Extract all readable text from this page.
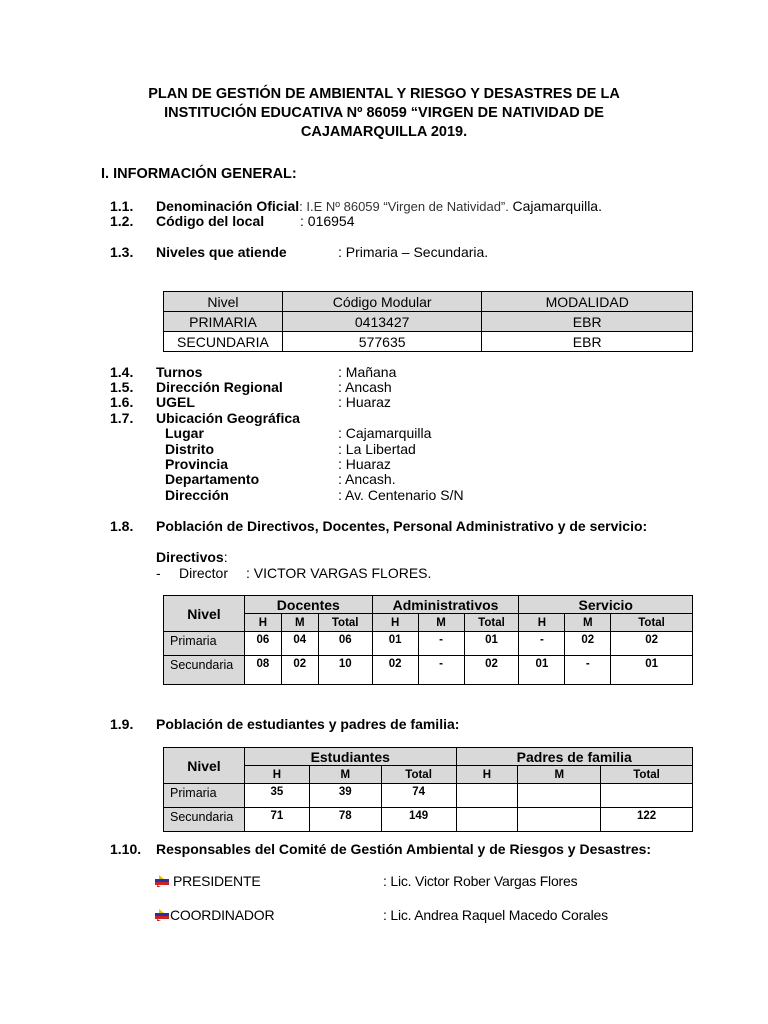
PLAN DE GESTIÓN DE AMBIENTAL Y RIESGO Y DESASTRES DE LA
INSTITUCIÓN EDUCATIVA Nº 86059 “VIRGEN DE NATIVIDAD DE
CAJAMARQUILLA 2019.
I. INFORMACIÓN GENERAL:
1.1. Denominación Oficial: I.E Nº 86059 “Virgen de Natividad”. Cajamarquilla.
1.2. Código del local	: 016954
1.3. Niveles que atiende	: Primaria – Secundaria.
Nivel	Código Modular	MODALIDAD
PRIMARIA	0413427	EBR
SECUNDARIA	577635	EBR
1.4. Turnos	: Mañana
1.5. Dirección Regional	: Ancash
1.6. UGEL	: Huaraz
1.7. Ubicación Geográfica
Lugar	: Cajamarquilla
Distrito	: La Libertad
Provincia	: Huaraz
Departamento	: Ancash.
Dirección	: Av. Centenario S/N
1.8. Población de Directivos, Docentes, Personal Administrativo y de servicio:
Directivos:
- Director : VICTOR VARGAS FLORES.
Nivel	Docentes			Administrativos			Servicio		
	H	M	Total	H	M	Total	H	M	Total
Primaria	06	04	06	01	-	01	-	02	02
Secundaria	08	02	10	02	-	02	01	-	01
1.9. Población de estudiantes y padres de familia:
Nivel	Estudiantes			Padres de familia		
	H	M	Total	H	M	Total
Primaria	35	39	74			
Secundaria	71	78	149			122
1.10. Responsables del Comité de Gestión Ambiental y de Riesgos y Desastres:
PRESIDENTE	: Lic. Victor Rober Vargas Flores
COORDINADOR	: Lic. Andrea Raquel Macedo Corales
